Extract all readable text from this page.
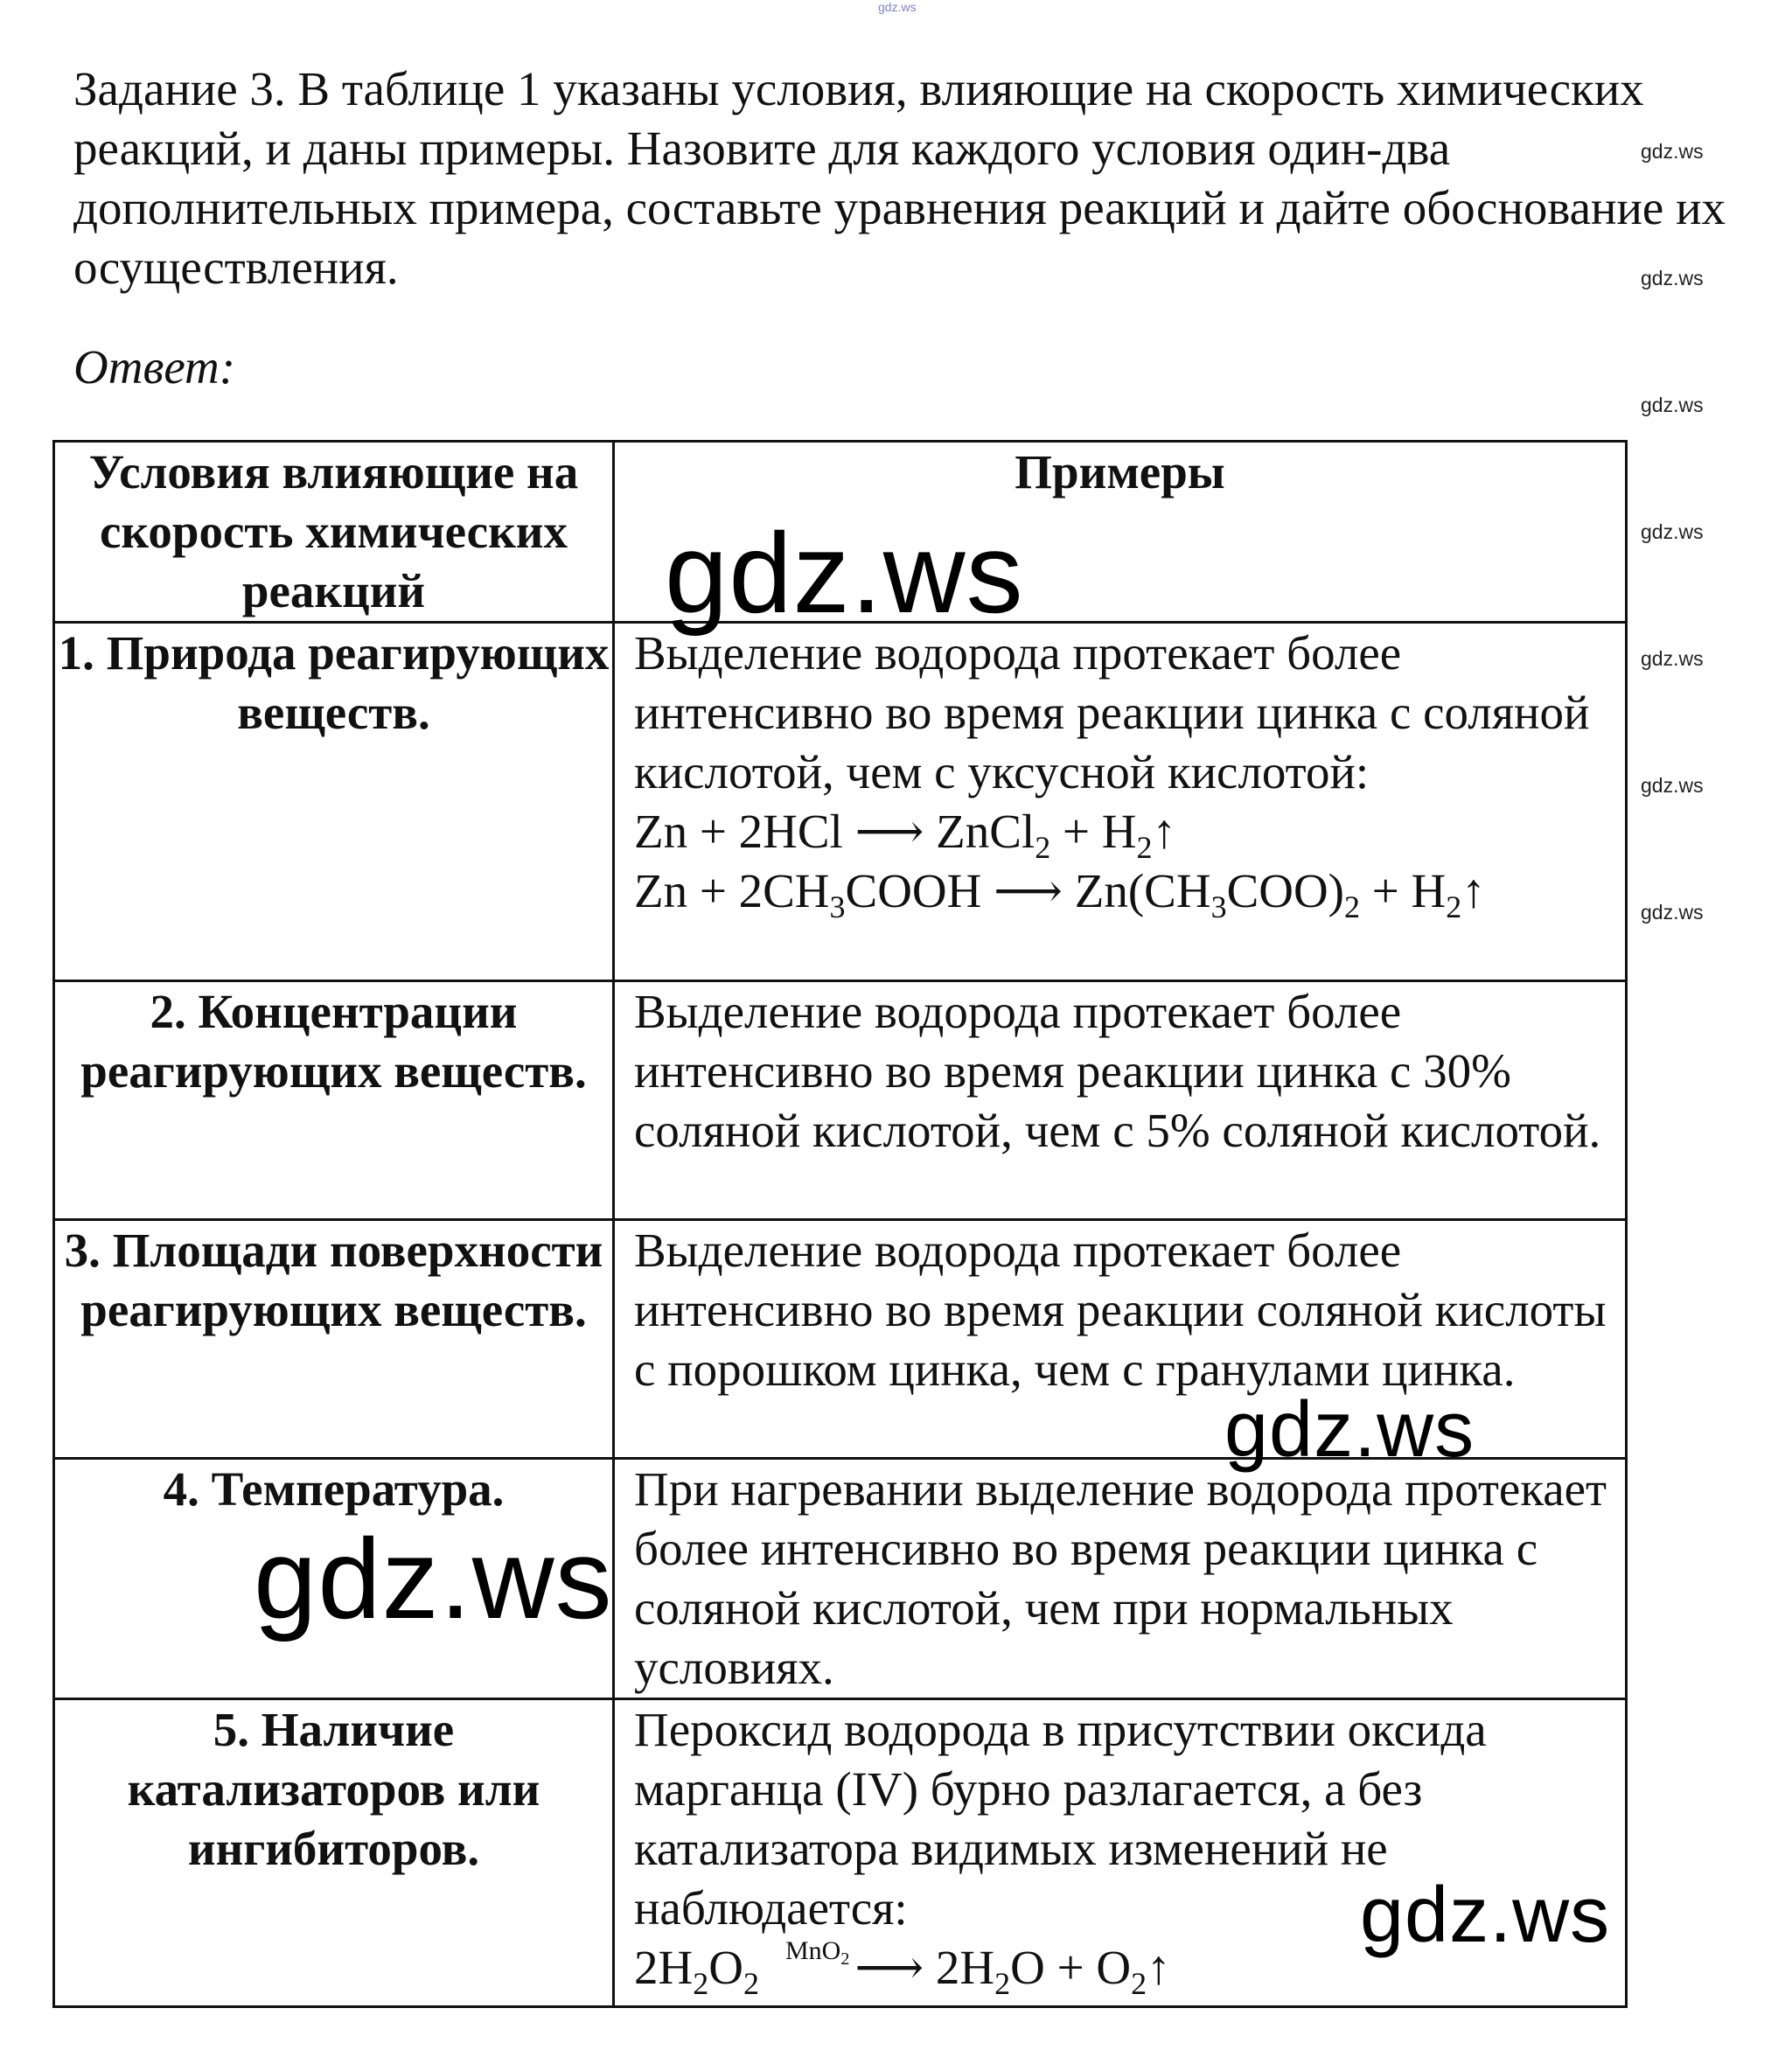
gdz.ws

Задание 3. В таблице 1 указаны условия, влияющие на скорость химических реакций, и даны примеры. Назовите для каждого условия один-два дополнительных примера, составьте уравнения реакций и дайте обоснование их осуществления.

Ответ:
gdz.ws
gdz.ws
gdz.ws
gdz.ws
gdz.ws
gdz.ws
gdz.ws
Условия влияющие на скорость химических реакций	Примеры
1. Природа реагирующих веществ.	Выделение водорода протекает более интенсивно во время реакции цинка с соляной кислотой, чем с уксусной кислотой:
Zn + 2HCl ⟶ ZnCl$_2$ + $H_2↑$
$Zn + 2CH_3COOH$ ⟶ $Zn(CH_3COO)_2$ + $H_2↑$

2. Концентрации реагирующих веществ.	Выделение водорода протекает более интенсивно во время реакции цинка с 30% соляной кислотой, чем с 5% соляной кислотой.
3. Площади поверхности реагирующих веществ.	Выделение водорода протекает более интенсивно во время реакции соляной кислоты с порошком цинка, чем с гранулами цинка.
4. Температура.	При нагревании выделение водорода протекает более интенсивно во время реакции цинка с соляной кислотой, чем при нормальных условиях.
5. Наличие катализаторов или ингибиторов.	Пероксид водорода в присутствии оксида марганца (IV) бурно разлагается, а без катализатора видимых изменений не наблюдается:
$2H_2O_2^{MnO_2}$ ⟶ $2H_2O$ + $O_2↑$
gdz.ws
gdz.ws
gdz.ws
gdz.ws
